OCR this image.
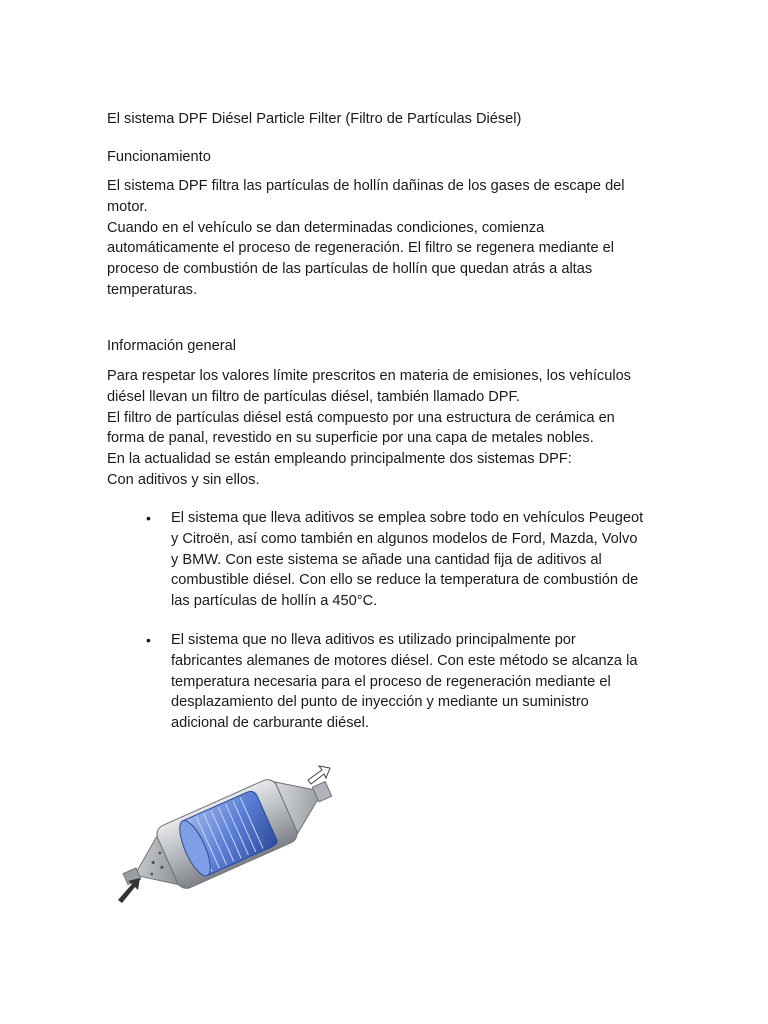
El sistema DPF Diésel Particle Filter (Filtro de Partículas Diésel)
Funcionamiento
El sistema DPF filtra las partículas de hollín dañinas de los gases de escape del
motor.
Cuando en el vehículo se dan determinadas condiciones, comienza
automáticamente el proceso de regeneración. El filtro se regenera mediante el
proceso de combustión de las partículas de hollín que quedan atrás a altas
temperaturas.
Información general
Para respetar los valores límite prescritos en materia de emisiones, los vehículos
diésel llevan un filtro de partículas diésel, también llamado DPF.
El filtro de partículas diésel está compuesto por una estructura de cerámica en
forma de panal, revestido en su superficie por una capa de metales nobles.
En la actualidad se están empleando principalmente dos sistemas DPF:
Con aditivos y sin ellos.
• El sistema que lleva aditivos se emplea sobre todo en vehículos Peugeot
y Citroën, así como también en algunos modelos de Ford, Mazda, Volvo
y BMW. Con este sistema se añade una cantidad fija de aditivos al
combustible diésel. Con ello se reduce la temperatura de combustión de
las partículas de hollín a 450°C.
• El sistema que no lleva aditivos es utilizado principalmente por
fabricantes alemanes de motores diésel. Con este método se alcanza la
temperatura necesaria para el proceso de regeneración mediante el
desplazamiento del punto de inyección y mediante un suministro
adicional de carburante diésel.
